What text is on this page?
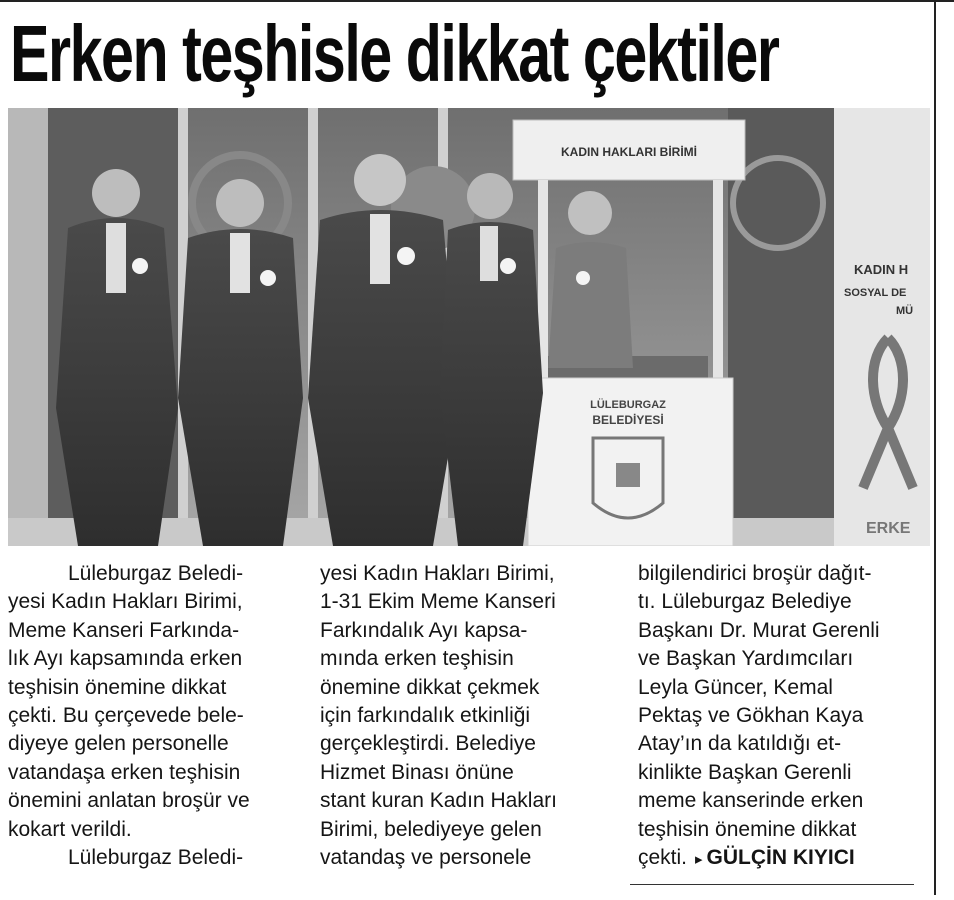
Erken teşhisle dikkat çektiler
KADIN H
SOSYAL DE
MÜ
ERKE
KADIN HAKLARI BİRİMİ
LÜLEBURGAZ
BELEDİYESİ

Lüleburgaz Beledi-

yesi Kadın Hakları Birimi,

Meme Kanseri Farkında-

lık Ayı kapsamında erken

teşhisin önemine dikkat

çekti. Bu çerçevede bele-

diyeye gelen personelle

vatandaşa erken teşhisin

önemini anlatan broşür ve

kokart verildi.

Lüleburgaz Beledi-

yesi Kadın Hakları Birimi,

1-31 Ekim Meme Kanseri

Farkındalık Ayı kapsa-

mında erken teşhisin

önemine dikkat çekmek

için farkındalık etkinliği

gerçekleştirdi. Belediye

Hizmet Binası önüne

stant kuran Kadın Hakları

Birimi, belediyeye gelen

vatandaş ve personele

bilgilendirici broşür dağıt-

tı. Lüleburgaz Belediye

Başkanı Dr. Murat Gerenli

ve Başkan Yardımcıları

Leyla Güncer, Kemal

Pektaş ve Gökhan Kaya

Atay’ın da katıldığı et-

kinlikte Başkan Gerenli

meme kanserinde erken

teşhisin önemine dikkat

çekti. ▸ GÜLÇİN KIYICI
